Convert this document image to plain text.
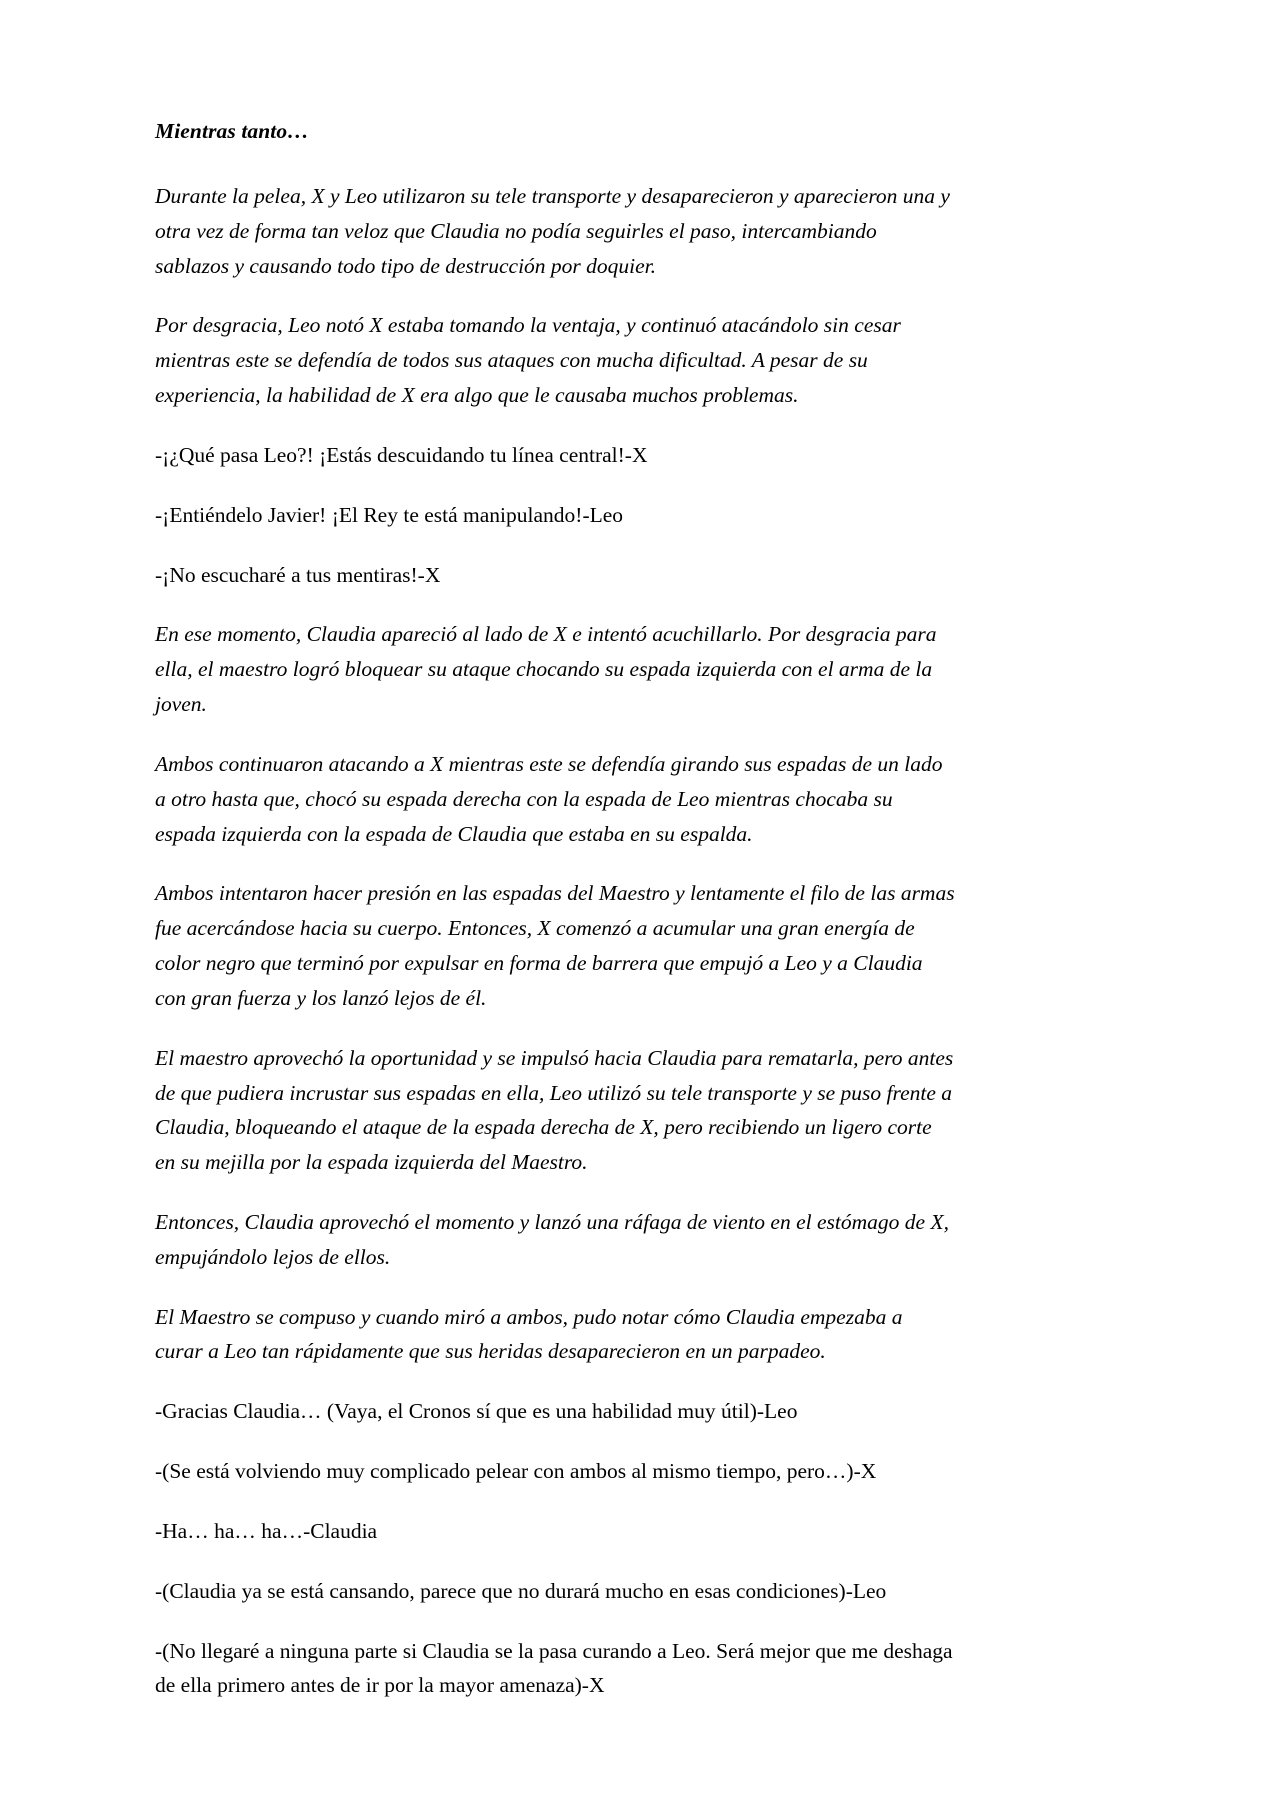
Mientras tanto…

Durante la pelea, X y Leo utilizaron su tele transporte y desaparecieron y aparecieron una y otra vez de forma tan veloz que Claudia no podía seguirles el paso, intercambiando sablazos y causando todo tipo de destrucción por doquier.

Por desgracia, Leo notó X estaba tomando la ventaja, y continuó atacándolo sin cesar mientras este se defendía de todos sus ataques con mucha dificultad. A pesar de su experiencia, la habilidad de X era algo que le causaba muchos problemas.

-¡¿Qué pasa Leo?! ¡Estás descuidando tu línea central!-X

-¡Entiéndelo Javier! ¡El Rey te está manipulando!-Leo

-¡No escucharé a tus mentiras!-X

En ese momento, Claudia apareció al lado de X e intentó acuchillarlo. Por desgracia para ella, el maestro logró bloquear su ataque chocando su espada izquierda con el arma de la joven.

Ambos continuaron atacando a X mientras este se defendía girando sus espadas de un lado a otro hasta que, chocó su espada derecha con la espada de Leo mientras chocaba su espada izquierda con la espada de Claudia que estaba en su espalda.

Ambos intentaron hacer presión en las espadas del Maestro y lentamente el filo de las armas fue acercándose hacia su cuerpo. Entonces, X comenzó a acumular una gran energía de color negro que terminó por expulsar en forma de barrera que empujó a Leo y a Claudia con gran fuerza y los lanzó lejos de él.

El maestro aprovechó la oportunidad y se impulsó hacia Claudia para rematarla, pero antes de que pudiera incrustar sus espadas en ella, Leo utilizó su tele transporte y se puso frente a Claudia, bloqueando el ataque de la espada derecha de X, pero recibiendo un ligero corte en su mejilla por la espada izquierda del Maestro.

Entonces, Claudia aprovechó el momento y lanzó una ráfaga de viento en el estómago de X, empujándolo lejos de ellos.

El Maestro se compuso y cuando miró a ambos, pudo notar cómo Claudia empezaba a curar a Leo tan rápidamente que sus heridas desaparecieron en un parpadeo.

-Gracias Claudia… (Vaya, el Cronos sí que es una habilidad muy útil)-Leo

-(Se está volviendo muy complicado pelear con ambos al mismo tiempo, pero…)-X

-Ha… ha… ha…-Claudia

-(Claudia ya se está cansando, parece que no durará mucho en esas condiciones)-Leo

-(No llegaré a ninguna parte si Claudia se la pasa curando a Leo. Será mejor que me deshaga de ella primero antes de ir por la mayor amenaza)-X
